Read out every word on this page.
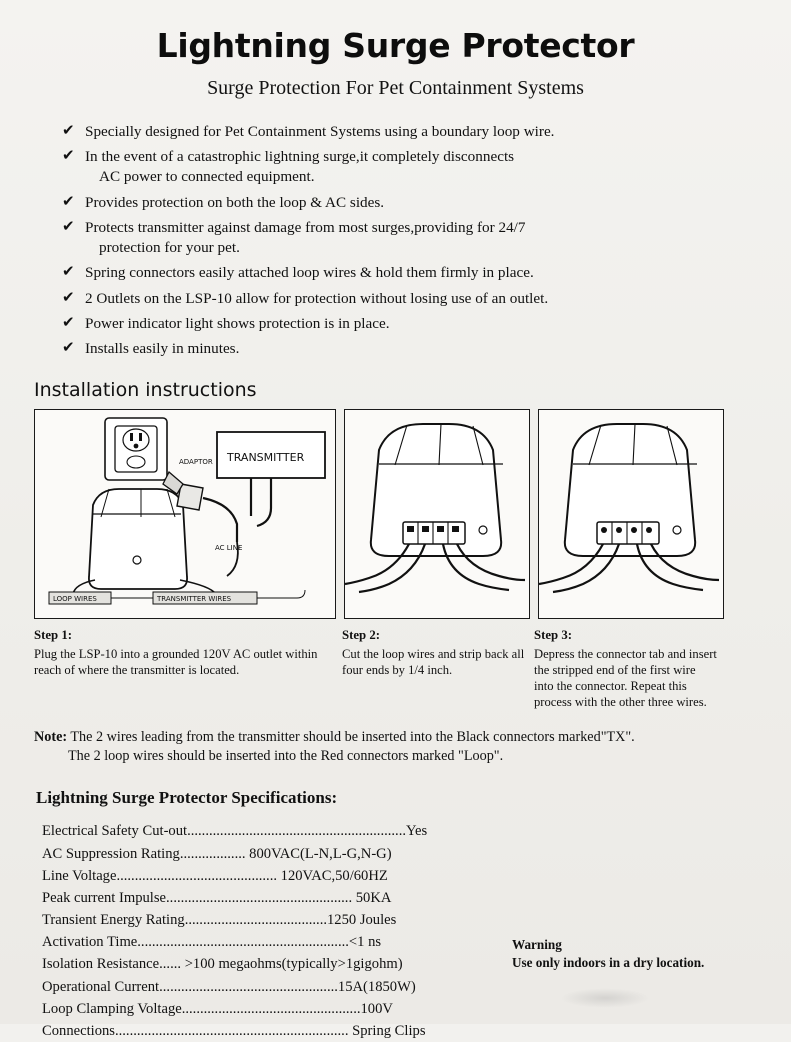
Lightning Surge Protector
Surge Protection For Pet Containment Systems
✔ Specially designed for Pet Containment Systems using a boundary loop wire.
✔ In the event of a catastrophic lightning surge,it completely disconnects
AC power to connected equipment.
✔ Provides protection on both the loop & AC sides.
✔ Protects transmitter against damage from most surges,providing for 24/7
protection for your pet.
✔ Spring connectors easily attached loop wires & hold them firmly in place.
✔ 2 Outlets on the LSP-10 allow for protection without losing use of an outlet.
✔ Power indicator light shows protection is in place.
✔ Installs easily in minutes.
Installation instructions
TRANSMITTER
ADAPTOR
AC LINE
LOOP WIRES	TRANSMITTER WIRES
Step 1:
Plug the LSP-10 into a grounded 120V AC outlet within reach of where the transmitter is located.
Step 2:
Cut the loop wires and strip back all four ends by 1/4 inch.
Step 3:
Depress the connector tab and insert the stripped end of the first wire into the connector. Repeat this process with the other three wires.
Note: The 2 wires leading from the transmitter should be inserted into the Black connectors marked"TX".
The 2 loop wires should be inserted into the Red connectors marked "Loop".
Lightning Surge Protector Specifications:
Electrical Safety Cut-out............................................................Yes
AC Suppression Rating.................. 800VAC(L-N,L-G,N-G)
Line Voltage............................................ 120VAC,50/60HZ
Peak current Impulse................................................... 50KA
Transient Energy Rating.......................................1250 Joules
Activation Time..........................................................<1 ns
Isolation Resistance...... >100 megaohms(typically>1gigohm)
Operational Current.................................................15A(1850W)
Loop Clamping Voltage.................................................100V
Connections................................................................ Spring Clips
Warning
Use only indoors in a dry location.
